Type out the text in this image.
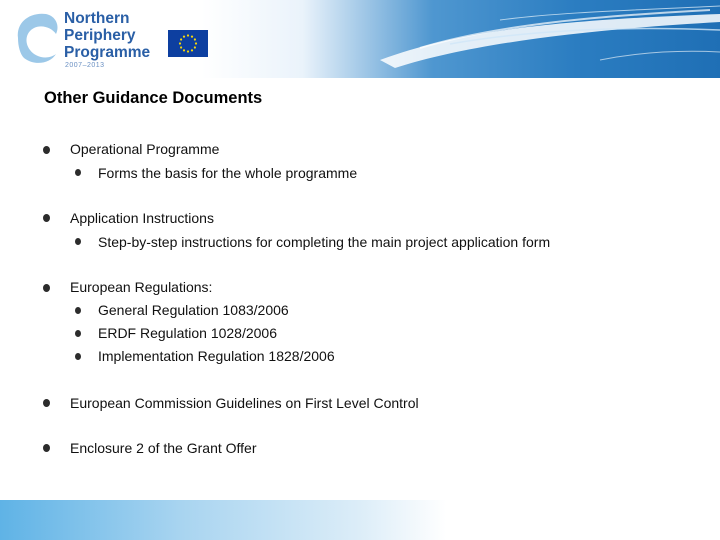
Northern
Periphery
Programme
2007–2013
Other Guidance Documents
Operational Programme
Forms the basis for the whole programme
Application Instructions
Step-by-step instructions for completing the main project application form
European Regulations:
General Regulation 1083/2006
ERDF Regulation 1028/2006
Implementation Regulation 1828/2006
European Commission Guidelines on First Level Control
Enclosure 2 of the Grant Offer
